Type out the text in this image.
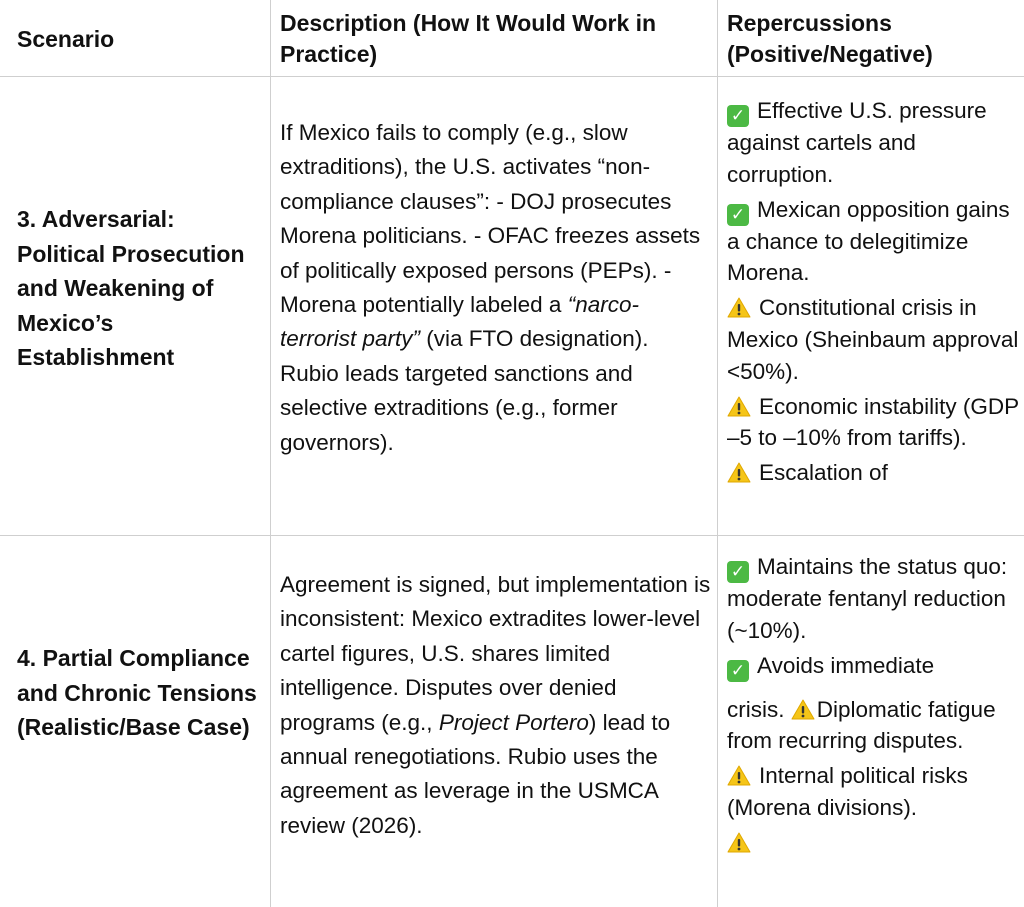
Scenario
Description (How It Would Work in Practice)
Repercussions (Positive/Negative)
3. Adversarial: Political Prosecution and Weakening of Mexico’s Establishment
If Mexico fails to comply (e.g., slow extraditions), the U.S. activates “non-compliance clauses”: - DOJ prosecutes Morena politicians. - OFAC freezes assets of politically exposed persons (PEPs). - Morena potentially labeled a “narco-terrorist party” (via FTO designation). Rubio leads targeted sanctions and selective extraditions (e.g., former governors).

✓ Effective U.S. pressure against cartels and corruption.

✓ Mexican opposition gains a chance to delegitimize Morena.

Constitutional crisis in Mexico (Sheinbaum approval <50%).

Economic instability (GDP –5 to –10% from tariffs).

Escalation of

4. Partial Compliance and Chronic Tensions (Realistic/Base Case)
Agreement is signed, but implementation is inconsistent: Mexico extradites lower-level cartel figures, U.S. shares limited intelligence. Disputes over denied programs (e.g., Project Portero) lead to annual renegotiations. Rubio uses the agreement as leverage in the USMCA review (2026).

✓ Maintains the status quo: moderate fentanyl reduction (~10%).

✓ Avoids immediate

crisis.
Diplomatic fatigue from recurring disputes.

Internal political risks (Morena divisions).
